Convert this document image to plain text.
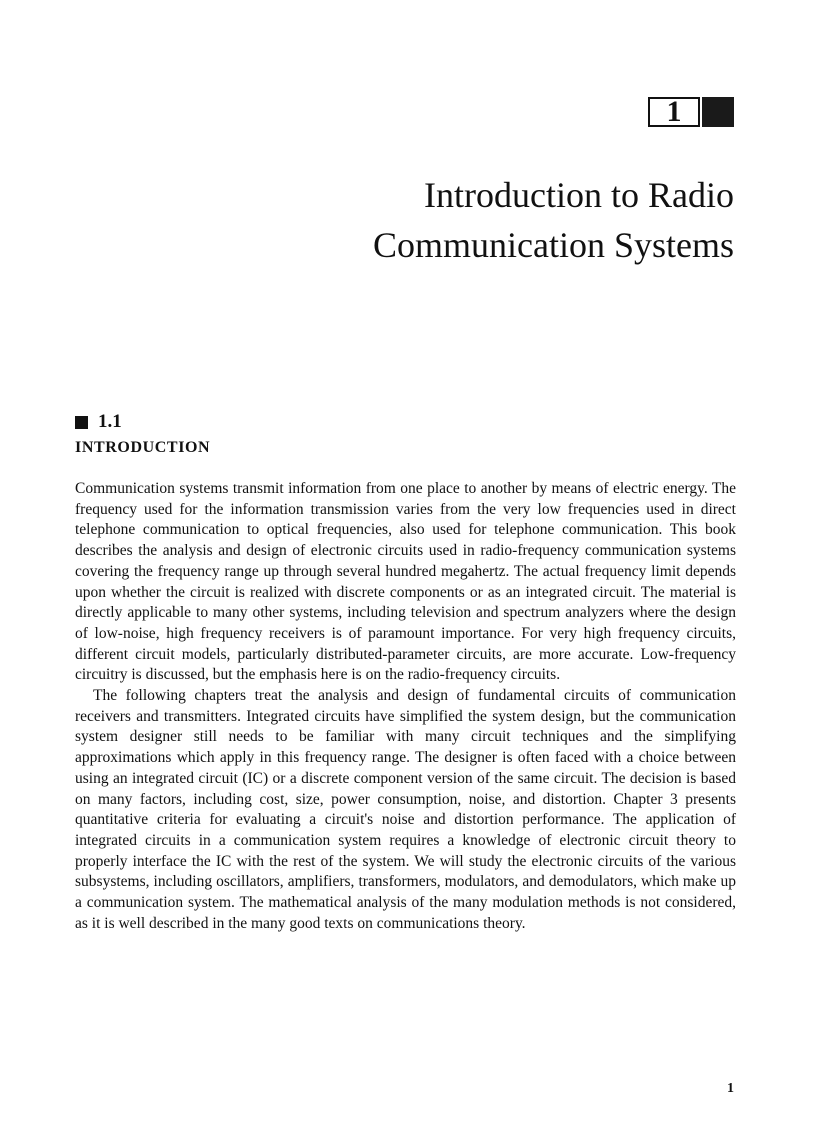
1
Introduction to Radio
Communication Systems
1.1
INTRODUCTION

Communication systems transmit information from one place to another by means of electric energy. The frequency used for the information transmission varies from the very low frequencies used in direct telephone communication to optical frequencies, also used for telephone communication. This book describes the analysis and design of electronic circuits used in radio-frequency communication systems covering the frequency range up through several hundred megahertz. The actual frequency limit depends upon whether the circuit is realized with discrete components or as an integrated circuit. The material is directly applicable to many other systems, including television and spectrum analyzers where the design of low-noise, high frequency receivers is of paramount importance. For very high frequency circuits, different circuit models, particularly distributed-parameter circuits, are more accurate. Low-frequency circuitry is discussed, but the emphasis here is on the radio-frequency circuits.

The following chapters treat the analysis and design of fundamental circuits of communication receivers and transmitters. Integrated circuits have simplified the system design, but the communication system designer still needs to be familiar with many circuit techniques and the simplifying approximations which apply in this frequency range. The designer is often faced with a choice between using an integrated circuit (IC) or a discrete component version of the same circuit. The decision is based on many factors, including cost, size, power consumption, noise, and distortion. Chapter 3 presents quantitative criteria for evaluating a circuit's noise and distortion performance. The application of integrated circuits in a communication system requires a knowledge of electronic circuit theory to properly interface the IC with the rest of the system. We will study the electronic circuits of the various subsystems, including oscillators, amplifiers, transformers, modulators, and demodulators, which make up a communication system. The mathematical analysis of the many modulation methods is not considered, as it is well described in the many good texts on communications theory.

1
